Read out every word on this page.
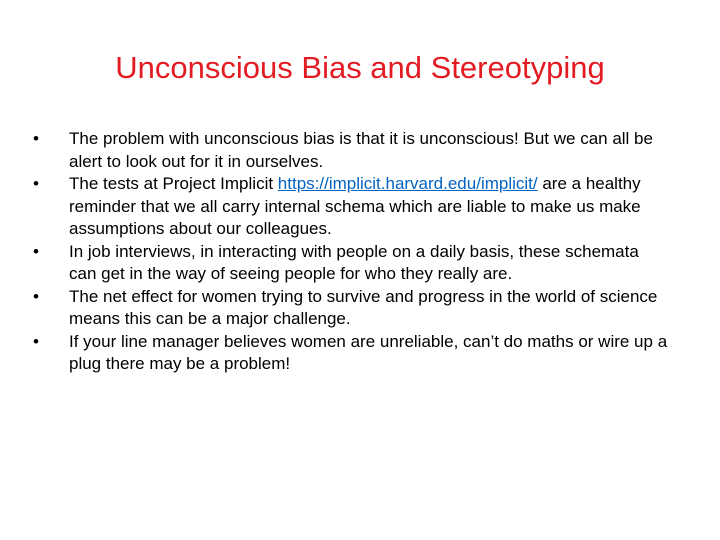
Unconscious Bias and Stereotyping
• The problem with unconscious bias is that it is unconscious! But we can all be alert to look out for it in ourselves.
• The tests at Project Implicit https://implicit.harvard.edu/implicit/ are a healthy reminder that we all carry internal schema which are liable to make us make assumptions about our colleagues.
• In job interviews, in interacting with people on a daily basis, these schemata can get in the way of seeing people for who they really are.
• The net effect for women trying to survive and progress in the world of science means this can be a major challenge.
• If your line manager believes women are unreliable, can’t do maths or wire up a plug there may be a problem!
